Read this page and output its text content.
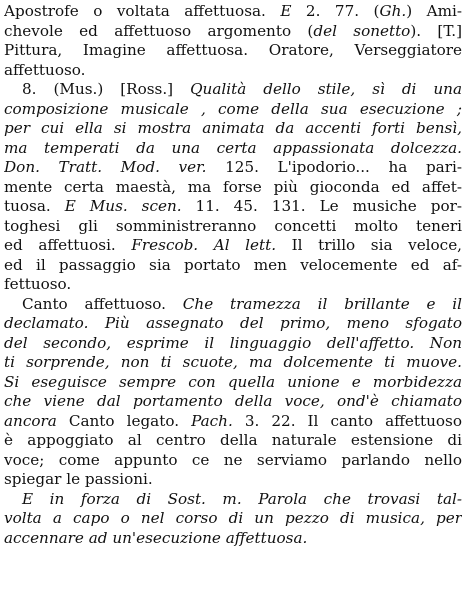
Apostrofe o voltata affettuosa. E 2. 77. (Gh.) Ami-
chevole ed affettuoso argomento (del sonetto). [T.]
Pittura, Imagine affettuosa. Oratore, Verseggiatore
affettuoso.
8. (Mus.) [Ross.] Qualità dello stile, sì di una
composizione musicale , come della sua esecuzione ;
per cui ella si mostra animata da accenti forti bensì,
ma temperati da una certa appassionata dolcezza.
Don. Tratt. Mod. ver. 125. L'ipodorio... ha pari-
mente certa maestà, ma forse più gioconda ed affet-
tuosa. E Mus. scen. 11. 45. 131. Le musiche por-
toghesi gli somministreranno concetti molto teneri
ed affettuosi. Frescob. Al lett. Il trillo sia veloce,
ed il passaggio sia portato men velocemente ed af-
fettuoso.
Canto affettuoso. Che tramezza il brillante e il
declamato. Più assegnato del primo, meno sfogato
del secondo, esprime il linguaggio dell'affetto. Non
ti sorprende, non ti scuote, ma dolcemente ti muove.
Si eseguisce sempre con quella unione e morbidezza
che viene dal portamento della voce, ond'è chiamato
ancora Canto legato. Pach. 3. 22. Il canto affettuoso
è appoggiato al centro della naturale estensione di
voce; come appunto ce ne serviamo parlando nello
spiegar le passioni.
E in forza di Sost. m. Parola che trovasi tal-
volta a capo o nel corso di un pezzo di musica, per
accennare ad un'esecuzione affettuosa.
